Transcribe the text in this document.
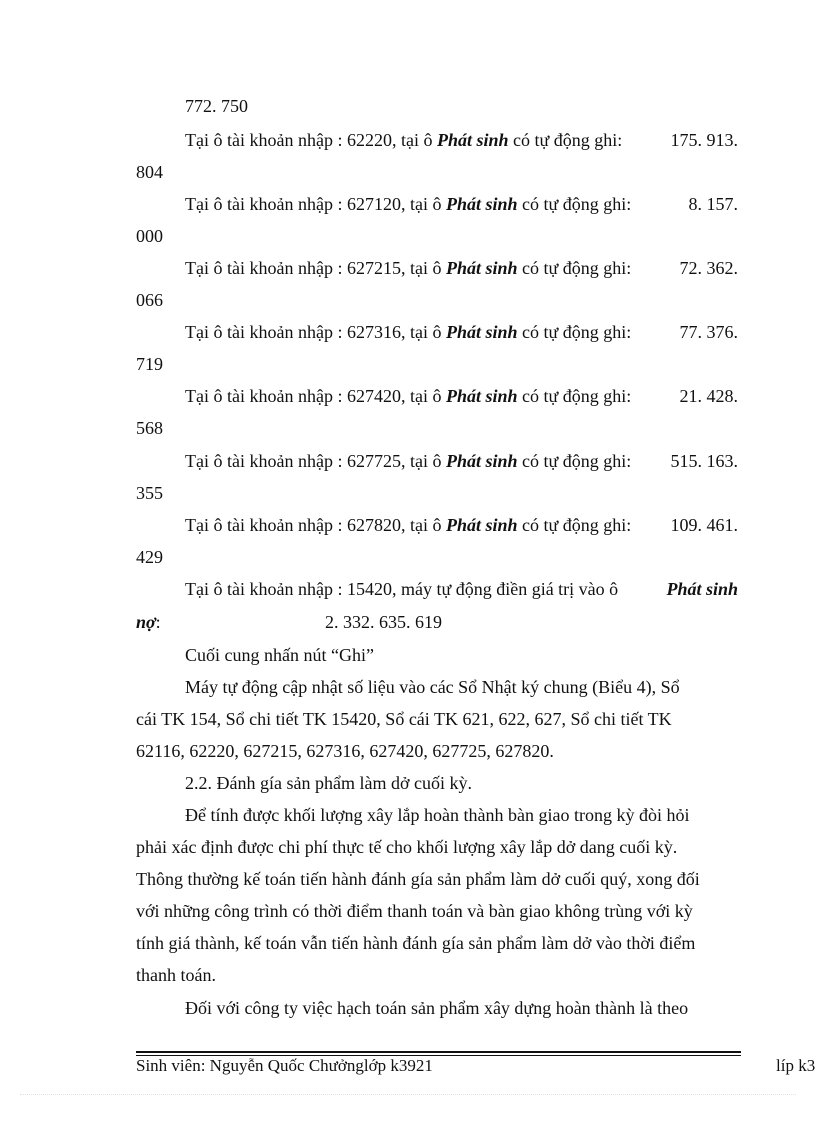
772. 750
Tại ô tài khoản nhập : 62220, tại ô Phát sinh có tự động ghi:	175. 913.
804
Tại ô tài khoản nhập : 627120, tại ô Phát sinh có tự động ghi:	8. 157.
000
Tại ô tài khoản nhập : 627215, tại ô Phát sinh có tự động ghi:	72. 362.
066
Tại ô tài khoản nhập : 627316, tại ô Phát sinh có tự động ghi:	77. 376.
719
Tại ô tài khoản nhập : 627420, tại ô Phát sinh có tự động ghi:	21. 428.
568
Tại ô tài khoản nhập : 627725, tại ô Phát sinh có tự động ghi: 515. 163.
355
Tại ô tài khoản nhập : 627820, tại ô Phát sinh có tự động ghi: 109. 461.
429
Tại ô tài khoản nhập : 15420, máy tự động điền giá trị vào ô	Phát sinh
nợ:	2. 332. 635. 619
Cuối cung nhấn nút “Ghi”
Máy tự động cập nhật số liệu vào các Sổ Nhật ký chung (Biểu 4), Sổ
cái TK 154, Sổ chi tiết TK 15420, Sổ cái TK 621, 622, 627, Sổ chi tiết TK
62116, 62220, 627215, 627316, 627420, 627725, 627820.
2.2. Đánh gía sản phẩm làm dở cuối kỳ.
Để tính được khối lượng xây lắp hoàn thành bàn giao trong kỳ đòi hỏi
phải xác định được chi phí thực tế cho khối lượng xây lắp dở dang cuối kỳ.
Thông thường kế toán tiến hành đánh gía sản phẩm làm dở cuối quý, xong đối
với những công trình có thời điểm thanh toán và bàn giao không trùng với kỳ
tính giá thành, kế toán vẫn tiến hành đánh gía sản phẩm làm dở vào thời điểm
thanh toán.
Đối với công ty việc hạch toán sản phẩm xây dựng hoàn thành là theo
Sinh viên: Nguyễn Quốc Chưởnglớp k3921	líp k3
